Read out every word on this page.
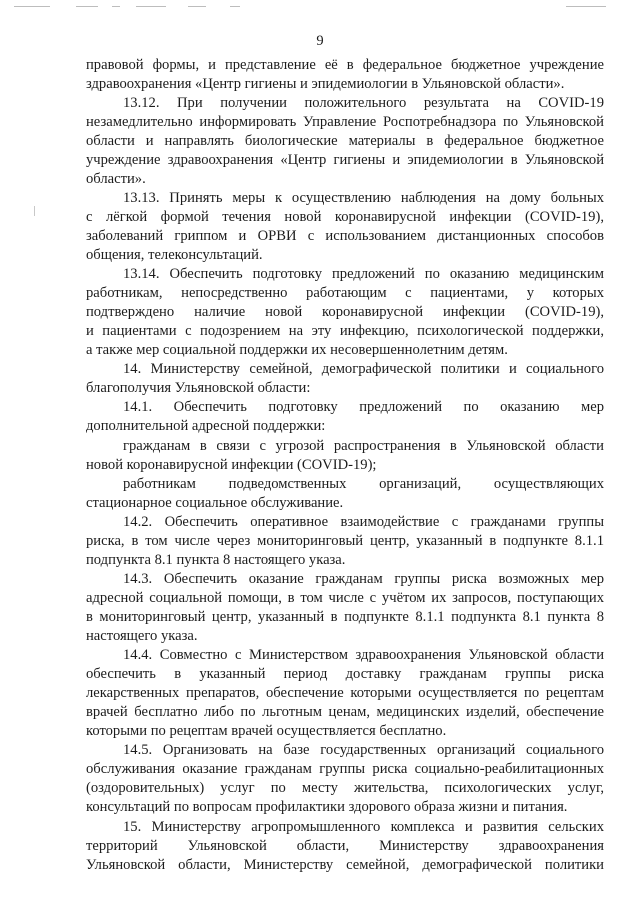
9
правовой формы, и представление её в федеральное бюджетное учреждение
здравоохранения «Центр гигиены и эпидемиологии в Ульяновской области».
13.12. При получении положительного результата на COVID-19
незамедлительно информировать Управление Роспотребнадзора по Ульяновской
области и направлять биологические материалы в федеральное бюджетное
учреждение здравоохранения «Центр гигиены и эпидемиологии в Ульяновской
области».
13.13. Принять меры к осуществлению наблюдения на дому больных
с лёгкой формой течения новой коронавирусной инфекции (COVID-19),
заболеваний гриппом и ОРВИ с использованием дистанционных способов
общения, телеконсультаций.
13.14. Обеспечить подготовку предложений по оказанию медицинским
работникам, непосредственно работающим с пациентами, у которых
подтверждено наличие новой коронавирусной инфекции (COVID-19),
и пациентами с подозрением на эту инфекцию, психологической поддержки,
а также мер социальной поддержки их несовершеннолетним детям.
14. Министерству семейной, демографической политики и социального
благополучия Ульяновской области:
14.1. Обеспечить подготовку предложений по оказанию мер
дополнительной адресной поддержки:
гражданам в связи с угрозой распространения в Ульяновской области
новой коронавирусной инфекции (COVID-19);
работникам подведомственных организаций, осуществляющих
стационарное социальное обслуживание.
14.2. Обеспечить оперативное взаимодействие с гражданами группы
риска, в том числе через мониторинговый центр, указанный в подпункте 8.1.1
подпункта 8.1 пункта 8 настоящего указа.
14.3. Обеспечить оказание гражданам группы риска возможных мер
адресной социальной помощи, в том числе с учётом их запросов, поступающих
в мониторинговый центр, указанный в подпункте 8.1.1 подпункта 8.1 пункта 8
настоящего указа.
14.4. Совместно с Министерством здравоохранения Ульяновской области
обеспечить в указанный период доставку гражданам группы риска
лекарственных препаратов, обеспечение которыми осуществляется по рецептам
врачей бесплатно либо по льготным ценам, медицинских изделий, обеспечение
которыми по рецептам врачей осуществляется бесплатно.
14.5. Организовать на базе государственных организаций социального
обслуживания оказание гражданам группы риска социально-реабилитационных
(оздоровительных) услуг по месту жительства, психологических услуг,
консультаций по вопросам профилактики здорового образа жизни и питания.
15. Министерству агропромышленного комплекса и развития сельских
территорий Ульяновской области, Министерству здравоохранения
Ульяновской области, Министерству семейной, демографической политики
